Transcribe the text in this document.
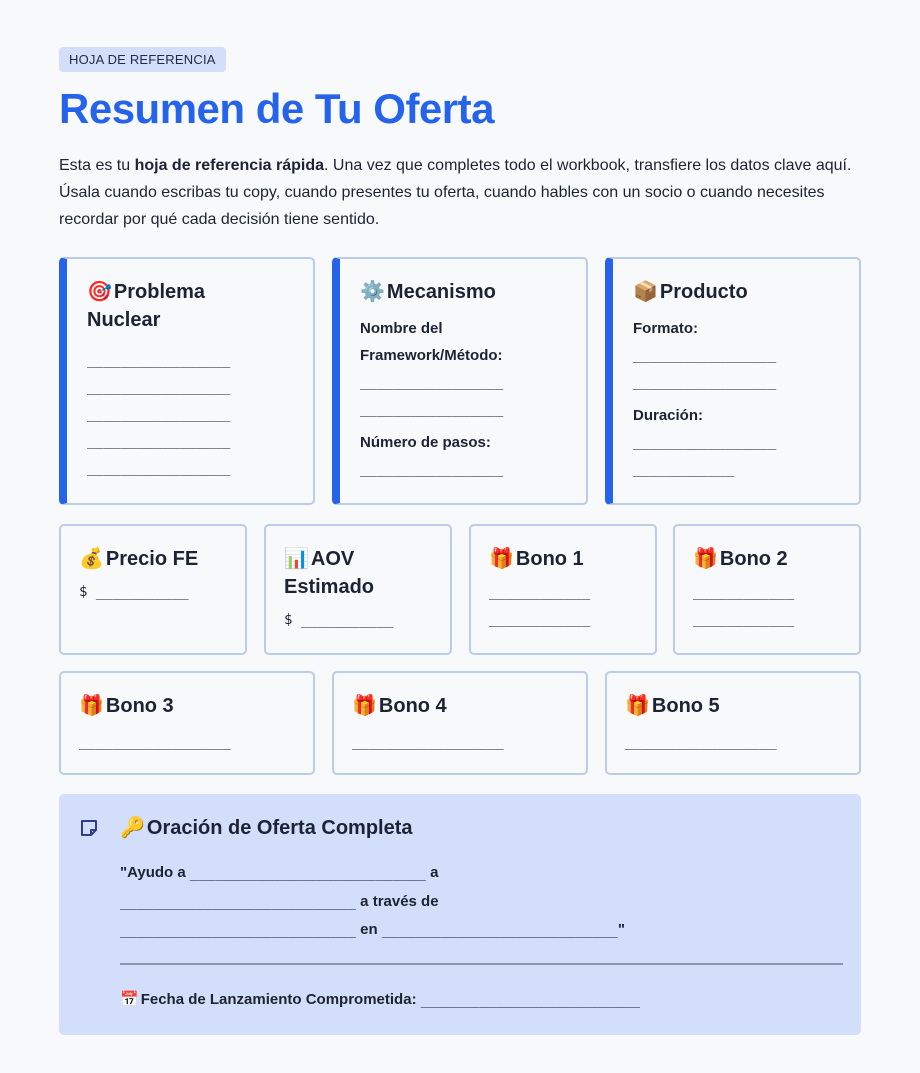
HOJA DE REFERENCIA
Resumen de Tu Oferta

Esta es tu hoja de referencia rápida. Una vez que completes todo el workbook, transfiere los datos clave aquí. Úsala cuando escribas tu copy, cuando presentes tu oferta, cuando hables con un socio o cuando necesites recordar por qué cada decisión tiene sentido.

🎯 Problema
Nuclear
_________________
_________________
_________________
_________________
_________________
⚙️ Mecanismo
Nombre del
Framework/Método:
_________________
_________________
Número de pasos:
_________________
📦 Producto
Formato:
_________________
_________________
Duración:
_________________
____________
💰 Precio FE
$ ___________
📊 AOV
Estimado
$ ___________
🎁 Bono 1
____________
____________
🎁 Bono 2
____________
____________
🎁 Bono 3
__________________
🎁 Bono 4
__________________
🎁 Bono 5
__________________
🔑 Oración de Oferta Completa
"Ayudo a ____________________________ a
____________________________ a través de
____________________________ en ____________________________"
📅 Fecha de Lanzamiento Comprometida: __________________________
